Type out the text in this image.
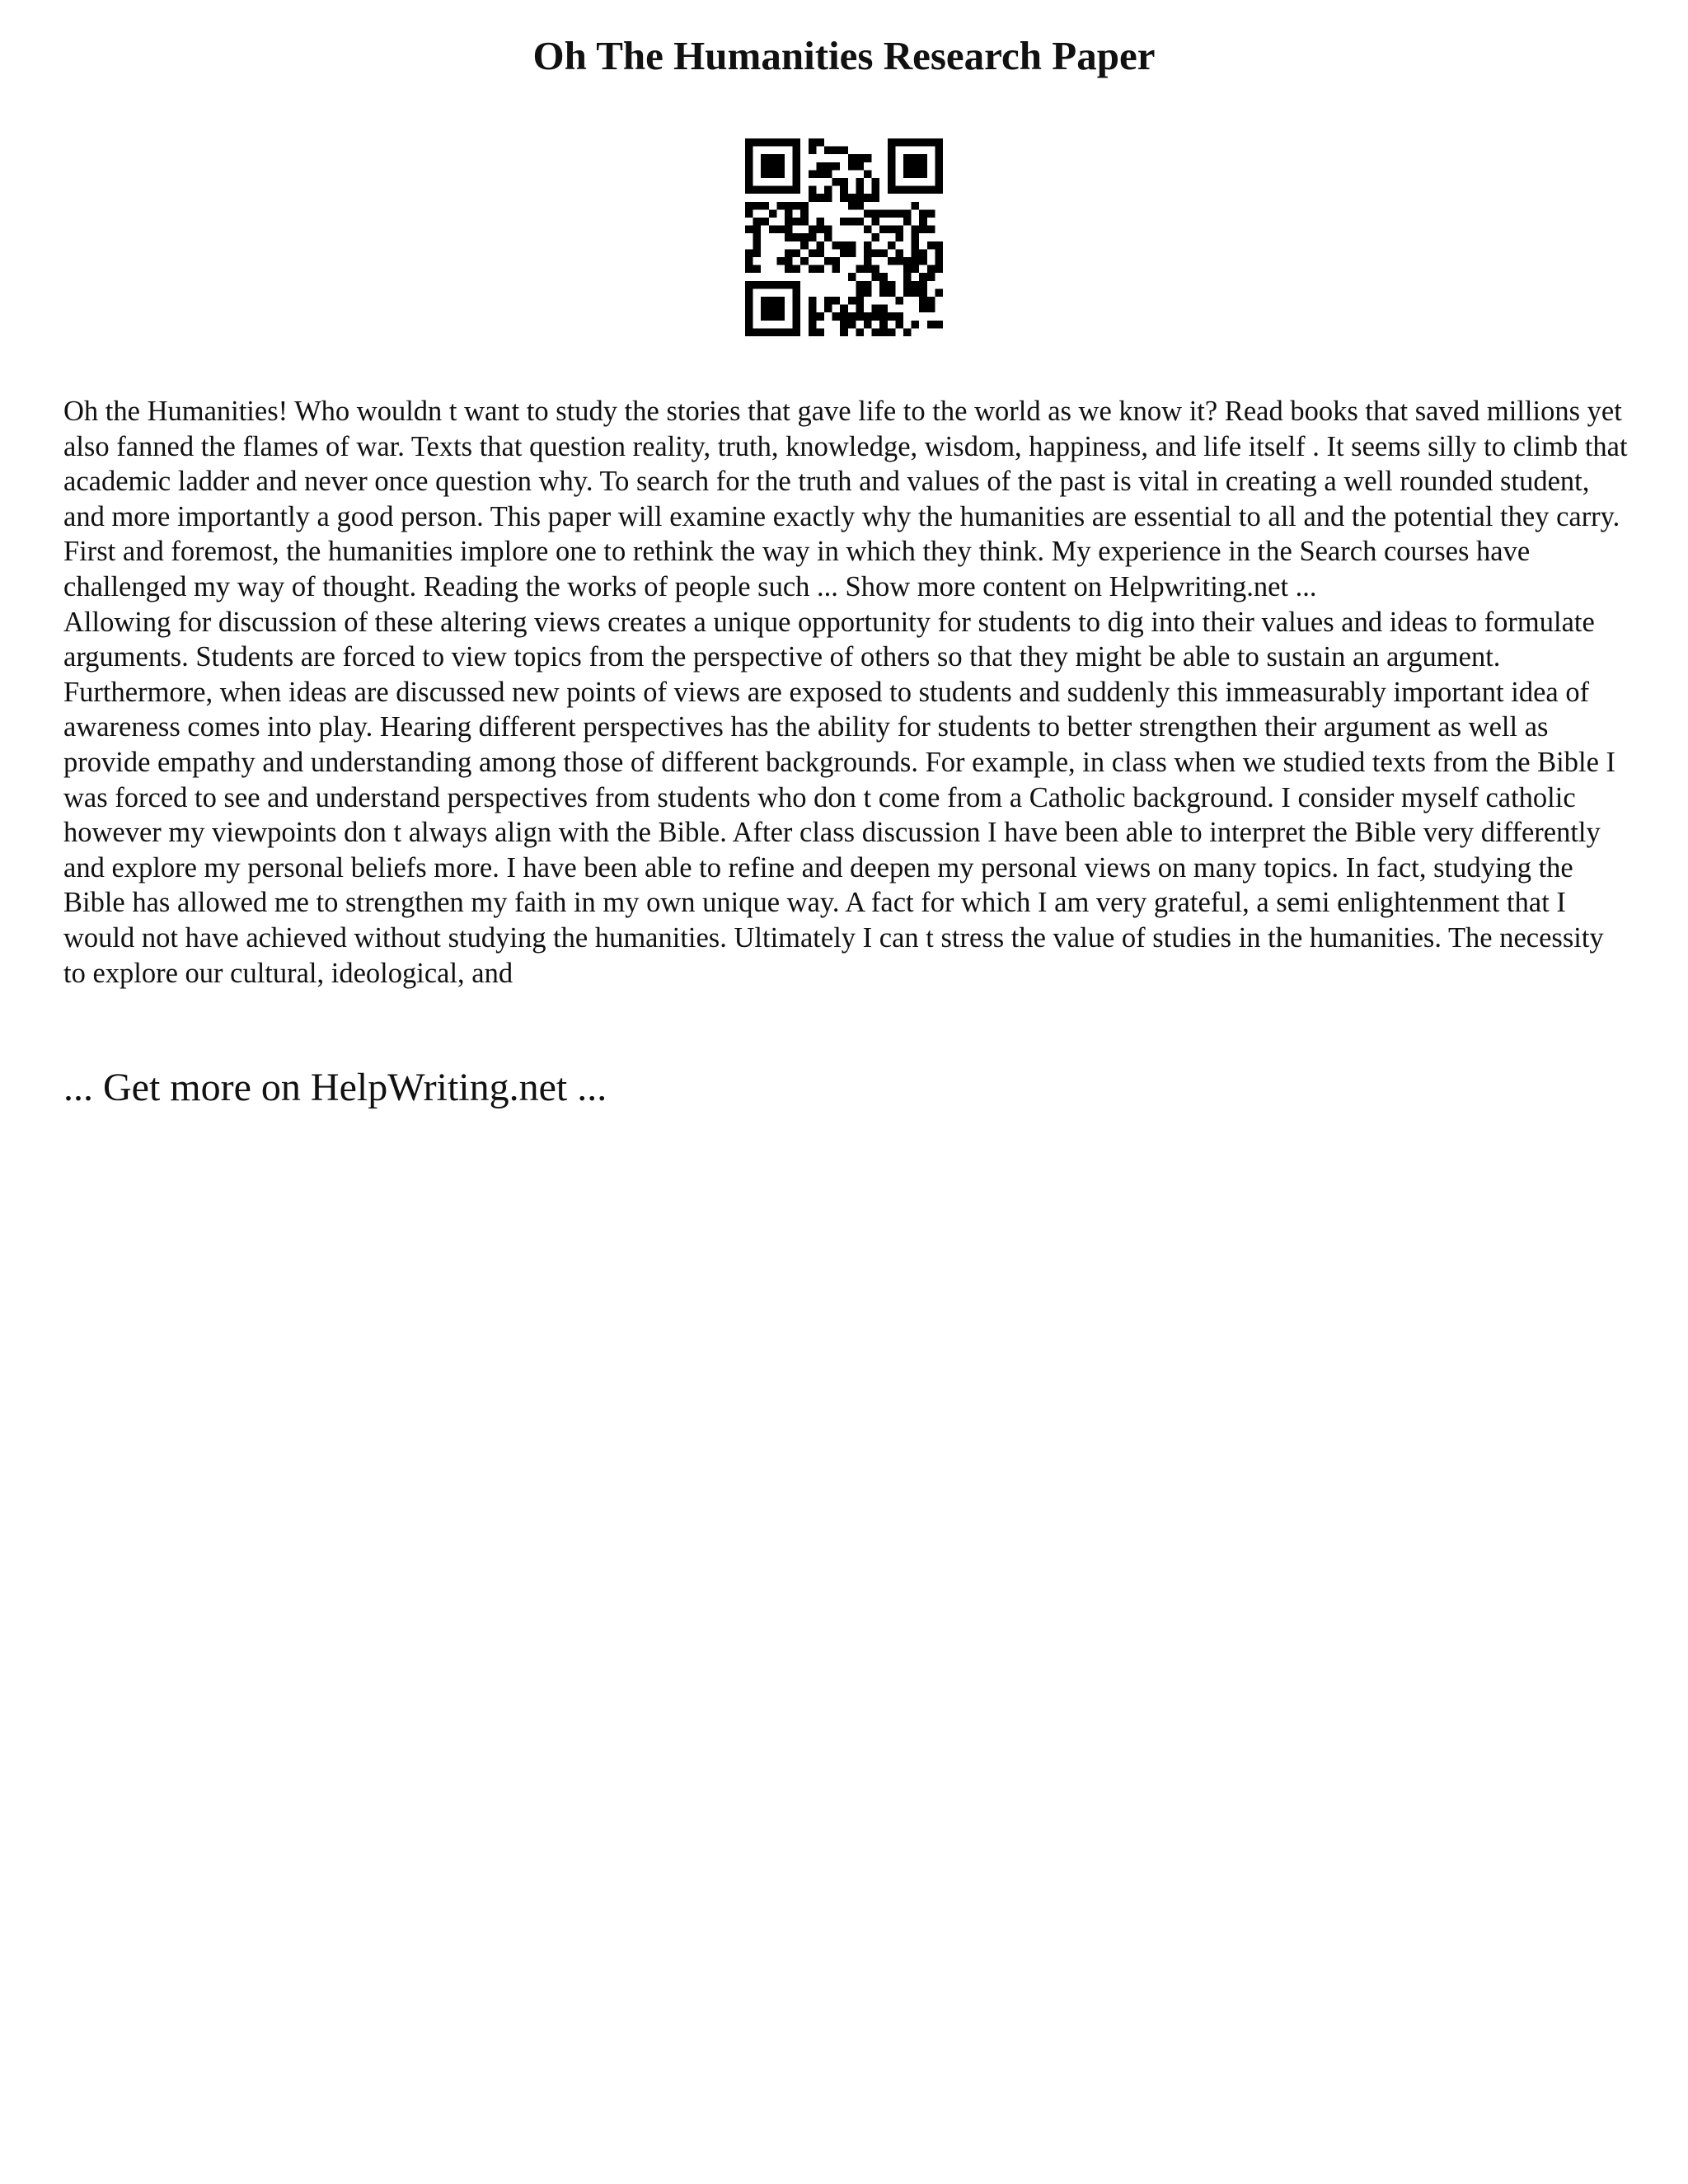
Oh The Humanities Research Paper

Oh the Humanities! Who wouldn t want to study the stories that gave life to the world as we know it? Read books that saved millions yet also fanned the flames of war. Texts that question reality, truth, knowledge, wisdom, happiness, and life itself . It seems silly to climb that academic ladder and never once question why. To search for the truth and values of the past is vital in creating a well rounded student, and more importantly a good person. This paper will examine exactly why the humanities are essential to all and the potential they carry. First and foremost, the humanities implore one to rethink the way in which they think. My experience in the Search courses have challenged my way of thought. Reading the works of people such ... Show more content on Helpwriting.net ...

Allowing for discussion of these altering views creates a unique opportunity for students to dig into their values and ideas to formulate arguments. Students are forced to view topics from the perspective of others so that they might be able to sustain an argument. Furthermore, when ideas are discussed new points of views are exposed to students and suddenly this immeasurably important idea of awareness comes into play. Hearing different perspectives has the ability for students to better strengthen their argument as well as provide empathy and understanding among those of different backgrounds. For example, in class when we studied texts from the Bible I was forced to see and understand perspectives from students who don t come from a Catholic background. I consider myself catholic however my viewpoints don t always align with the Bible. After class discussion I have been able to interpret the Bible very differently and explore my personal beliefs more. I have been able to refine and deepen my personal views on many topics. In fact, studying the Bible has allowed me to strengthen my faith in my own unique way. A fact for which I am very grateful, a semi enlightenment that I would not have achieved without studying the humanities. Ultimately I can t stress the value of studies in the humanities. The necessity to explore our cultural, ideological, and

... Get more on HelpWriting.net ...
